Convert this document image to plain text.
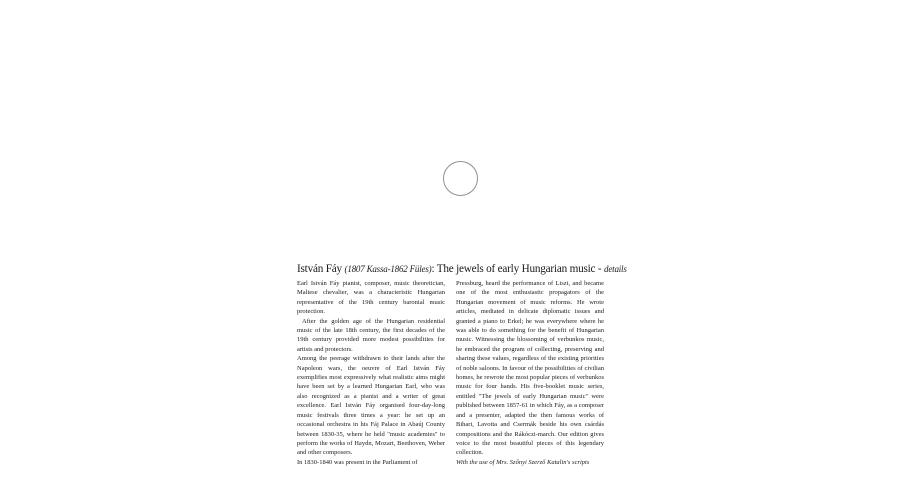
István Fáy (1807 Kassa-1862 Füles): The jewels of early Hungarian music - details

Earl István Fáy pianist, composer, music theoretician, Maltese chevalier, was a characteristic Hungarian representative of the 19th century baronial music protection.

After the golden age of the Hungarian residential music of the late 18th century, the first decades of the 19th century provided more modest possibilities for artists and protectors.

Among the peerage withdrawn to their lands after the Napoleon wars, the oeuvre of Earl István Fáy exemplifies most expressively what realistic aims might have been set by a learned Hungarian Earl, who was also recognized as a pianist and a writer of great excellence. Earl István Fáy organised four-day-long music festivals three times a year: he set up an occasional orchestra in his Fáj Palace in Abaúj County between 1830-35, where he held "music academies" to perform the works of Haydn, Mozart, Beethoven, Weber and other composers.

In 1830-1840 was present in the Parliament of

Pressburg, heard the performance of Liszt, and became one of the most enthusiastic propagators of the Hungarian movement of music reforms. He wrote articles, mediated in delicate diplomatic issues and granted a piano to Erkel; he was everywhere where he was able to do something for the benefit of Hungarian music. Witnessing the blossoming of verbunkos music, he embraced the program of collecting, preserving and sharing these values, regardless of the existing priorities of noble saloons. In favour of the possibilities of civilian homes, he rewrote the most popular pieces of verbunkos music for four hands. His five-booklet music series, entitled "The jewels of early Hungarian music" were published between 1857-61 in which Fáy, as a composer and a presenter, adapted the then famous works of Bihari, Lavotta and Csermák beside his own csárdás compositions and the Rákóczi-march. Our edition gives voice to the most beautiful pieces of this legendary collection.

With the use of Mrs. Szőnyi Szerző Katalin's scripts
